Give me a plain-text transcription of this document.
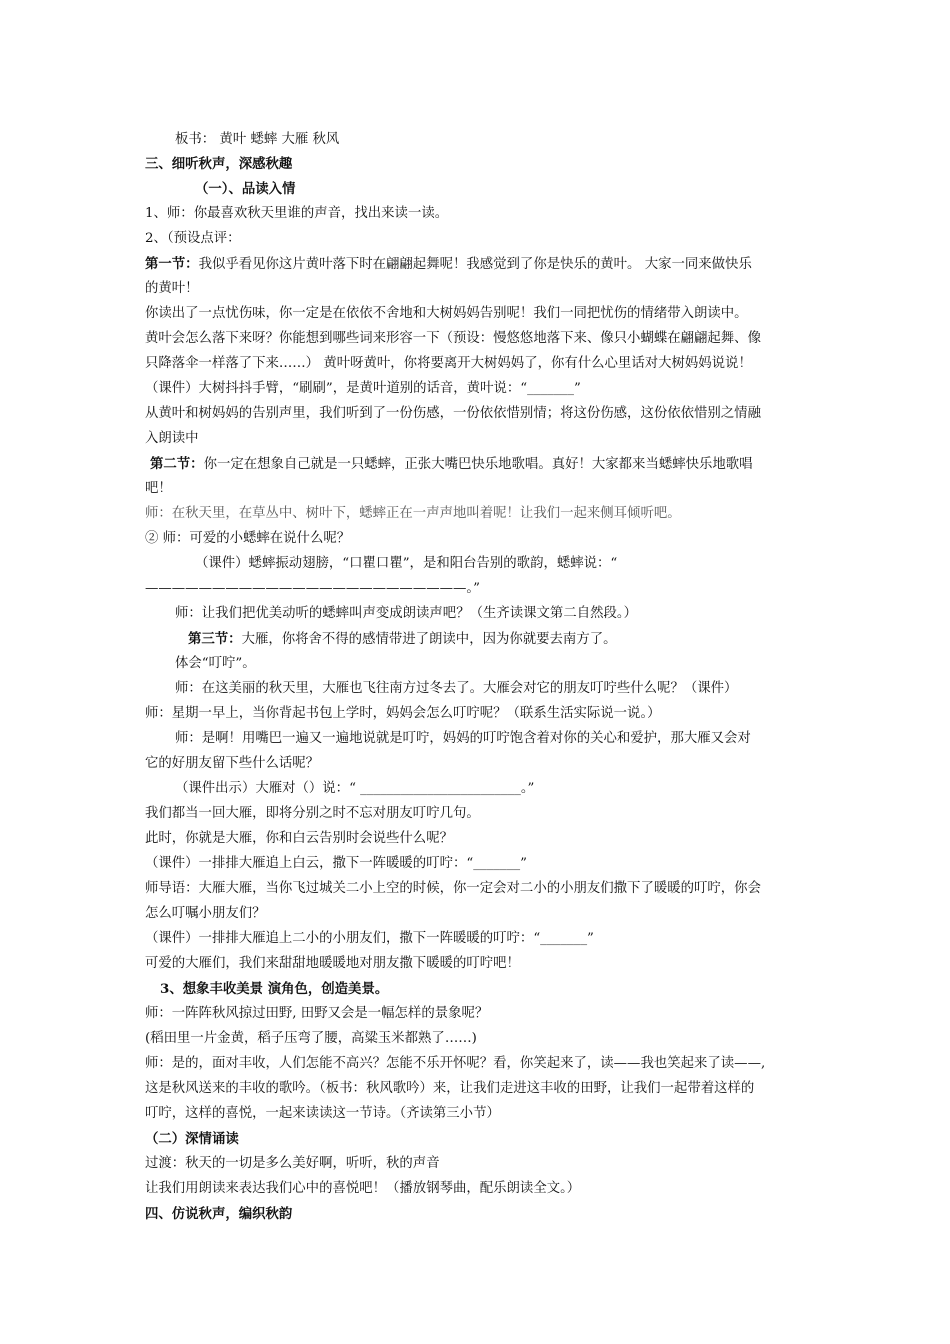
板书： 黄叶 蟋蟀 大雁 秋风
三、细听秋声，深感秋趣
（一）、品读入情
1、师：你最喜欢秋天里谁的声音，找出来读一读。
2、（预设点评：
第一节：我似乎看见你这片黄叶落下时在翩翩起舞呢！我感觉到了你是快乐的黄叶。 大家一同来做快乐
的黄叶！
你读出了一点忧伤味，你一定是在依依不舍地和大树妈妈告别呢！我们一同把忧伤的情绪带入朗读中。
黄叶会怎么落下来呀？你能想到哪些词来形容一下（预设：慢悠悠地落下来、像只小蝴蝶在翩翩起舞、像
只降落伞一样落了下来……） 黄叶呀黄叶，你将要离开大树妈妈了，你有什么心里话对大树妈妈说说！
（课件）大树抖抖手臂，“刷刷”，是黄叶道别的话音，黄叶说：“_______”
从黄叶和树妈妈的告别声里，我们听到了一份伤感，一份依依惜别情；将这份伤感，这份依依惜别之情融
入朗读中
第二节：你一定在想象自己就是一只蟋蟀，正张大嘴巴快乐地歌唱。真好！大家都来当蟋蟀快乐地歌唱
吧！
师：在秋天里，在草丛中、树叶下，蟋蟀正在一声声地叫着呢！让我们一起来侧耳倾听吧。
② 师：可爱的小蟋蟀在说什么呢？
（课件）蟋蟀振动翅膀，“口瞿口瞿”，是和阳台告别的歌韵，蟋蟀说：“
————————————————————————。”
师：让我们把优美动听的蟋蟀叫声变成朗读声吧？（生齐读课文第二自然段。）
第三节：大雁，你将舍不得的感情带进了朗读中，因为你就要去南方了。
体会“叮咛”。
师：在这美丽的秋天里，大雁也飞往南方过冬去了。大雁会对它的朋友叮咛些什么呢？（课件）
师：星期一早上，当你背起书包上学时，妈妈会怎么叮咛呢？（联系生活实际说一说。）
师：是啊！用嘴巴一遍又一遍地说就是叮咛，妈妈的叮咛饱含着对你的关心和爱护，那大雁又会对
它的好朋友留下些什么话呢？
（课件出示）大雁对（）说：“ ________________________。”
我们都当一回大雁，即将分别之时不忘对朋友叮咛几句。
此时，你就是大雁，你和白云告别时会说些什么呢？
（课件）一排排大雁追上白云，撒下一阵暖暖的叮咛：“_______”
师导语：大雁大雁，当你飞过城关二小上空的时候，你一定会对二小的小朋友们撒下了暖暖的叮咛，你会
怎么叮嘱小朋友们？
（课件）一排排大雁追上二小的小朋友们，撒下一阵暖暖的叮咛：“_______”
可爱的大雁们，我们来甜甜地暖暖地对朋友撒下暖暖的叮咛吧！
3、想象丰收美景 演角色，创造美景。
师：一阵阵秋风掠过田野, 田野又会是一幅怎样的景象呢？
(稻田里一片金黄，稻子压弯了腰，高粱玉米都熟了……)
师：是的，面对丰收，人们怎能不高兴？怎能不乐开怀呢？看，你笑起来了，读——我也笑起来了读——,
这是秋风送来的丰收的歌吟。（板书：秋风歌吟）来，让我们走进这丰收的田野，让我们一起带着这样的
叮咛，这样的喜悦，一起来读读这一节诗。（齐读第三小节）
（二）深情诵读
过渡：秋天的一切是多么美好啊，听听，秋的声音
让我们用朗读来表达我们心中的喜悦吧！（播放钢琴曲，配乐朗读全文。）
四、仿说秋声，编织秋韵
